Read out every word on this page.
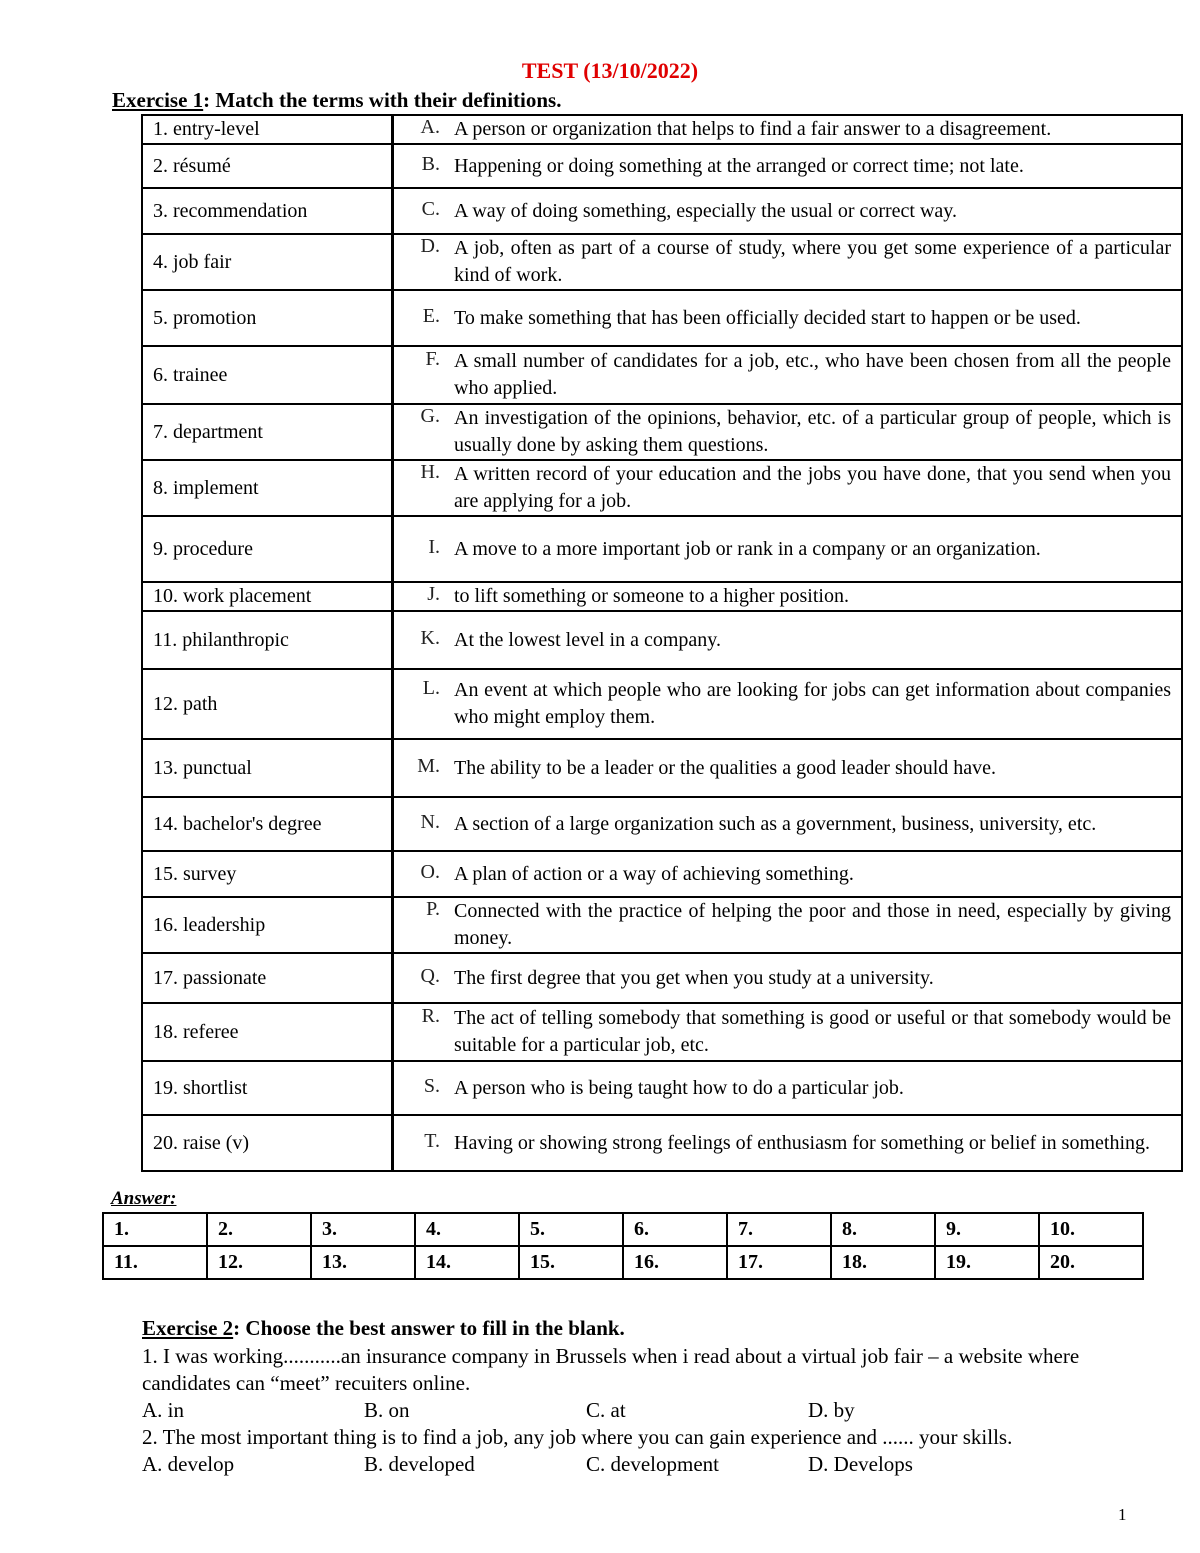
TEST (13/10/2022)
Exercise 1: Match the terms with their definitions.
1. entry-level	A. A person or organization that helps to find a fair answer to a disagreement.

2. résumé	B. Happening or doing something at the arranged or correct time; not late.

3. recommendation	C. A way of doing something, especially the usual or correct way.

4. job fair	D. A job, often as part of a course of study, where you get some experience of a particular kind of work.

5. promotion	E. To make something that has been officially decided start to happen or be used.

6. trainee	F. A small number of candidates for a job, etc., who have been chosen from all the people who applied.

7. department	G. An investigation of the opinions, behavior, etc. of a particular group of people, which is usually done by asking them questions.

8. implement	H. A written record of your education and the jobs you have done, that you send when you are applying for a job.

9. procedure	I. A move to a more important job or rank in a company or an organization.

10. work placement	J. to lift something or someone to a higher position.

11. philanthropic	K. At the lowest level in a company.

12. path	L. An event at which people who are looking for jobs can get information about companies who might employ them.

13. punctual	M. The ability to be a leader or the qualities a good leader should have.

14. bachelor's degree	N. A section of a large organization such as a government, business, university, etc.

15. survey	O. A plan of action or a way of achieving something.

16. leadership	P. Connected with the practice of helping the poor and those in need, especially by giving money.

17. passionate	Q. The first degree that you get when you study at a university.

18. referee	R. The act of telling somebody that something is good or useful or that somebody would be suitable for a particular job, etc.

19. shortlist	S. A person who is being taught how to do a particular job.

20. raise (v)	T. Having or showing strong feelings of enthusiasm for something or belief in something.
Answer:
1.	2.	3.	4.	5.	6.	7.	8.	9.	10.
11.	12.	13.	14.	15.	16.	17.	18.	19.	20.
Exercise 2: Choose the best answer to fill in the blank.

1. I was working...........an insurance company in Brussels when i read about a virtual job fair – a website where candidates can “meet” recuiters online.

A. in	B. on	C. at	D. by

2. The most important thing is to find a job, any job where you can gain experience and ...... your skills.

A. develop	B. developed	C. development	D. Develops
1
